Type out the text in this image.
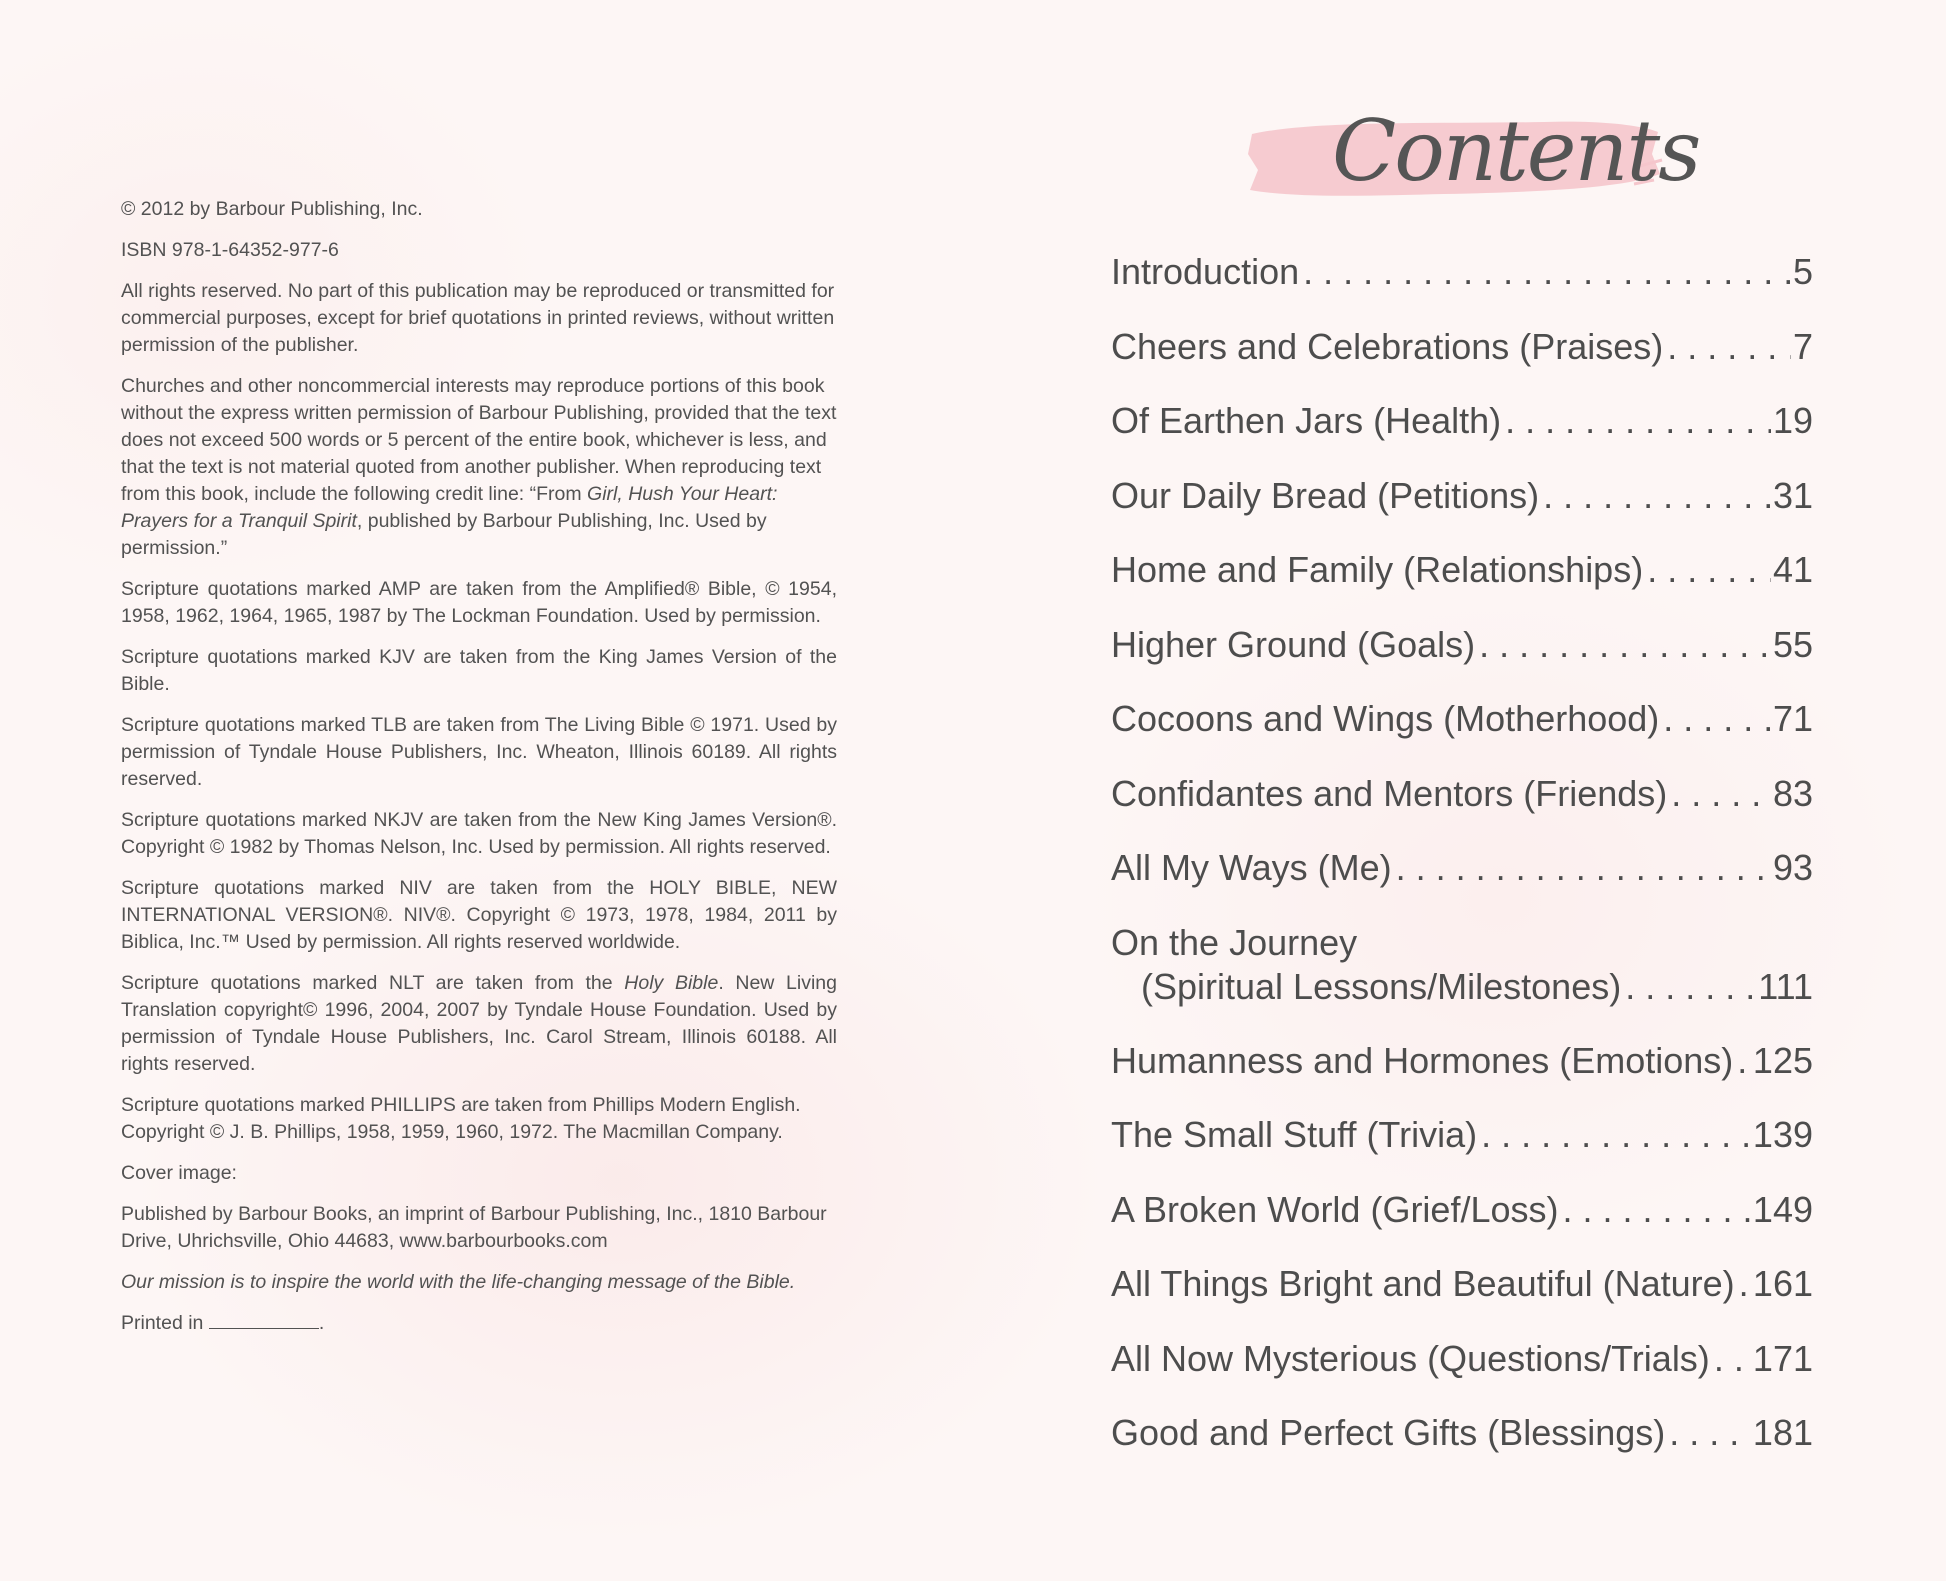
© 2012 by Barbour Publishing, Inc.

ISBN 978-1-64352-977-6

All rights reserved. No part of this publication may be reproduced or transmitted for commercial purposes, except for brief quotations in printed reviews, without written permission of the publisher.

Churches and other noncommercial interests may reproduce portions of this book without the express written permission of Barbour Publishing, provided that the text does not exceed 500 words or 5 percent of the entire book, whichever is less, and that the text is not material quoted from another publisher. When reproducing text from this book, include the following credit line: “From Girl, Hush Your Heart: Prayers for a Tranquil Spirit, published by Barbour Publishing, Inc. Used by permission.”

Scripture quotations marked AMP are taken from the Amplified® Bible, © 1954, 1958, 1962, 1964, 1965, 1987 by The Lockman Foundation. Used by permission.

Scripture quotations marked KJV are taken from the King James Version of the Bible.

Scripture quotations marked TLB are taken from The Living Bible © 1971. Used by permission of Tyndale House Publishers, Inc. Wheaton, Illinois 60189. All rights reserved.

Scripture quotations marked NKJV are taken from the New King James Version®. Copyright © 1982 by Thomas Nelson, Inc. Used by permission. All rights reserved.

Scripture quotations marked NIV are taken from the HOLY BIBLE, NEW INTERNATIONAL VERSION®. NIV®. Copyright © 1973, 1978, 1984, 2011 by Biblica, Inc.™ Used by permission. All rights reserved worldwide.

Scripture quotations marked NLT are taken from the Holy Bible. New Living Translation copyright© 1996, 2004, 2007 by Tyndale House Foundation. Used by permission of Tyndale House Publishers, Inc. Carol Stream, Illinois 60188. All rights reserved.

Scripture quotations marked PHILLIPS are taken from Phillips Modern English. Copyright © J. B. Phillips, 1958, 1959, 1960, 1972. The Macmillan Company.

Cover image:

Published by Barbour Books, an imprint of Barbour Publishing, Inc., 1810 Barbour Drive, Uhrichsville, Ohio 44683, www.barbourbooks.com

Our mission is to inspire the world with the life-changing message of the Bible.

Printed in	.

Contents
Introduction . . .	5
Cheers and Celebrations (Praises) . . .	7
Of Earthen Jars (Health) . . .	19
Our Daily Bread (Petitions) . . .	31
Home and Family (Relationships) . . .	41
Higher Ground (Goals) . . .	55
Cocoons and Wings (Motherhood) . . .	71
Confidantes and Mentors (Friends) . . .	83
All My Ways (Me) . . .	93
On the Journey
(Spiritual Lessons/Milestones) . . .	111
Humanness and Hormones (Emotions) . . . 125
The Small Stuff (Trivia) . . .	139
A Broken World (Grief/Loss) . . .	149
All Things Bright and Beautiful (Nature) . . . 161
All Now Mysterious (Questions/Trials) . . . 171
Good and Perfect Gifts (Blessings) . . . 181
